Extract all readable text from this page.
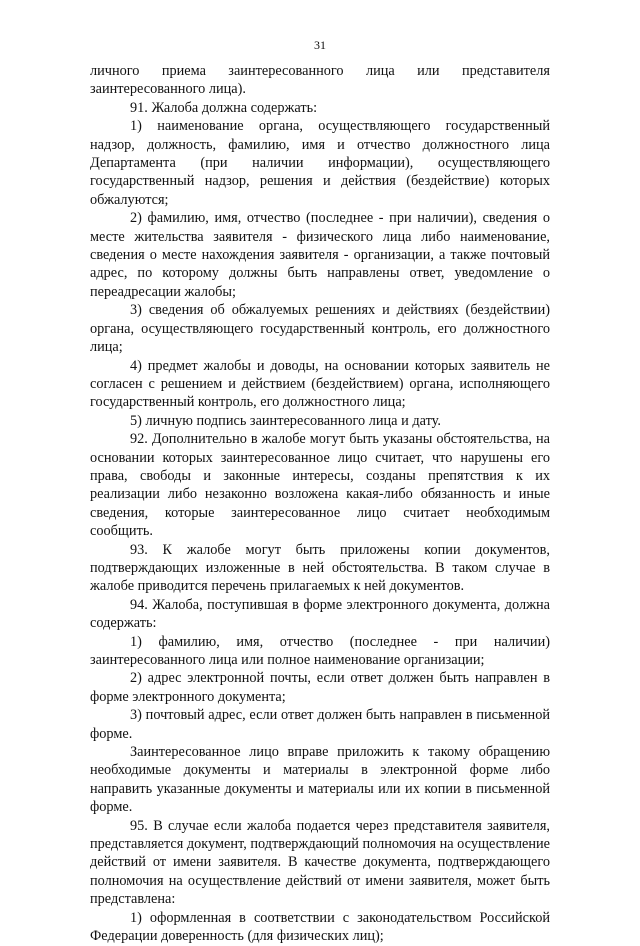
31

личного приема заинтересованного лица или представителя заинтересованного лица).

91. Жалоба должна содержать:

1) наименование органа, осуществляющего государственный надзор, должность, фамилию, имя и отчество должностного лица Департамента (при наличии информации), осуществляющего государственный надзор, решения и действия (бездействие) которых обжалуются;

2) фамилию, имя, отчество (последнее - при наличии), сведения о месте жительства заявителя - физического лица либо наименование, сведения о месте нахождения заявителя - организации, а также почтовый адрес, по которому должны быть направлены ответ, уведомление о переадресации жалобы;

3) сведения об обжалуемых решениях и действиях (бездействии) органа, осуществляющего государственный контроль, его должностного лица;

4) предмет жалобы и доводы, на основании которых заявитель не согласен с решением и действием (бездействием) органа, исполняющего государственный контроль, его должностного лица;

5) личную подпись заинтересованного лица и дату.

92. Дополнительно в жалобе могут быть указаны обстоятельства, на основании которых заинтересованное лицо считает, что нарушены его права, свободы и законные интересы, созданы препятствия к их реализации либо незаконно возложена какая-либо обязанность и иные сведения, которые заинтересованное лицо считает необходимым сообщить.

93. К жалобе могут быть приложены копии документов, подтверждающих изложенные в ней обстоятельства. В таком случае в жалобе приводится перечень прилагаемых к ней документов.

94. Жалоба, поступившая в форме электронного документа, должна содержать:

1) фамилию, имя, отчество (последнее - при наличии) заинтересованного лица или полное наименование организации;

2) адрес электронной почты, если ответ должен быть направлен в форме электронного документа;

3) почтовый адрес, если ответ должен быть направлен в письменной форме.

Заинтересованное лицо вправе приложить к такому обращению необходимые документы и материалы в электронной форме либо направить указанные документы и материалы или их копии в письменной форме.

95. В случае если жалоба подается через представителя заявителя, представляется документ, подтверждающий полномочия на осуществление действий от имени заявителя. В качестве документа, подтверждающего полномочия на осуществление действий от имени заявителя, может быть представлена:

1) оформленная в соответствии с законодательством Российской Федерации доверенность (для физических лиц);
